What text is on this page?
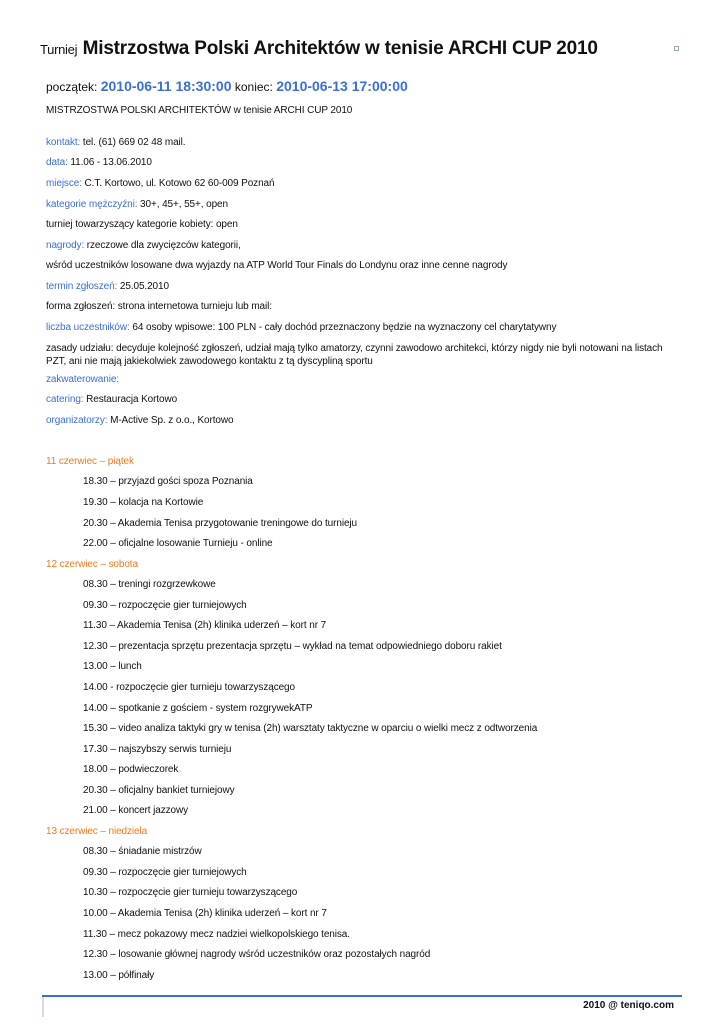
Turniej Mistrzostwa Polski Architektów w tenisie ARCHI CUP 2010
początek: 2010-06-11 18:30:00 koniec: 2010-06-13 17:00:00
MISTRZOSTWA POLSKI ARCHITEKTÓW w tenisie ARCHI CUP 2010
kontakt: tel. (61) 669 02 48 mail.
data: 11.06 - 13.06.2010
miejsce: C.T. Kortowo, ul. Kotowo 62 60-009 Poznań
kategorie mężczyźni: 30+, 45+, 55+, open
turniej towarzyszący kategorie kobiety: open
nagrody: rzeczowe dla zwycięzców kategorii,
wśród uczestników losowane dwa wyjazdy na ATP World Tour Finals do Londynu oraz inne cenne nagrody
termin zgłoszeń: 25.05.2010
forma zgłoszeń: strona internetowa turnieju lub mail:
liczba uczestników: 64 osoby wpisowe: 100 PLN - cały dochód przeznaczony będzie na wyznaczony cel charytatywny
zasady udziału: decyduje kolejność zgłoszeń, udział mają tylko amatorzy, czynni zawodowo architekci, którzy nigdy nie byli notowani na listach PZT, ani nie mają jakiekolwiek zawodowego kontaktu z tą dyscypliną sportu
zakwaterowanie:
catering: Restauracja Kortowo
organizatorzy: M-Active Sp. z o.o., Kortowo
11 czerwiec – piątek
18.30 – przyjazd gości spoza Poznania
19.30 – kolacja na Kortowie
20.30 – Akademia Tenisa przygotowanie treningowe do turnieju
22.00 – oficjalne losowanie Turnieju - online
12 czerwiec – sobota
08.30 – treningi rozgrzewkowe
09.30 – rozpoczęcie gier turniejowych
11.30 – Akademia Tenisa (2h) klinika uderzeń – kort nr 7
12.30 – prezentacja sprzętu prezentacja sprzętu – wykład na temat odpowiedniego doboru rakiet
13.00 – lunch
14.00 - rozpoczęcie gier turnieju towarzyszącego
14.00 – spotkanie z gościem - system rozgrywekATP
15.30 – video analiza taktyki gry w tenisa (2h) warsztaty taktyczne w oparciu o wielki mecz z odtworzenia
17.30 – najszybszy serwis turnieju
18.00 – podwieczorek
20.30 – oficjalny bankiet turniejowy
21.00 – koncert jazzowy
13 czerwiec – niedziela
08.30 – śniadanie mistrzów
09.30 – rozpoczęcie gier turniejowych
10.30 – rozpoczęcie gier turnieju towarzyszącego
10.00 – Akademia Tenisa (2h) klinika uderzeń – kort nr 7
11.30 – mecz pokazowy mecz nadziei wielkopolskiego tenisa.
12.30 – losowanie głównej nagrody wśród uczestników oraz pozostałych nagród
13.00 – półfinały
2010 @ teniqo.com
